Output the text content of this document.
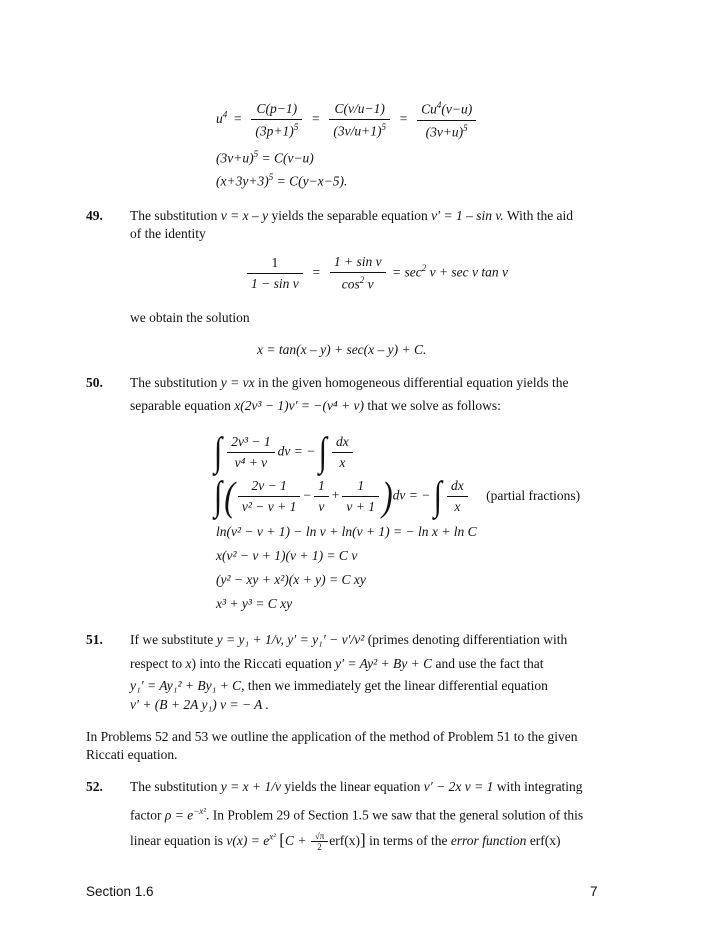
$u^4 = \frac{C(p-1)}{(3p+1)^5} = \frac{C(v/u-1)}{(3v/u+1)^5} = \frac{Cu^4(v-u)}{(3v+u)^5}$
$(3v+u)^5 = C(v-u)$
$(x+3y+3)^5 = C(y-x-5)$.
49. The substitution v = x – y yields the separable equation v′ = 1 – sin v. With the aid
of the identity
$\frac{1}{\text{1 − sin v}} = \frac{\text{1 + sin v}}{\cos^2 v} = \sec^2 v + \sec v$ tan v
we obtain the solution
x = tan(x – y) + sec(x – y) + C.
50. The substitution y = vx in the given homogeneous differential equation yields the
separable equation x(2v³ − 1)v′ = −(v⁴ + v) that we solve as follows:
∫ $\frac{\text{2v³ − 1}}{\text{v⁴ + v}}$ dv = − ∫ $\frac{dx}{x}$
∫( $\frac{2v - 1}{\text{v² − v + 1}} - \frac{1}{v} + \frac{1}{v + 1} )dv$ = − ∫ $\frac{dx}{x}$ (partial fractions)
ln(v² − v + 1) − ln v + ln(v + 1) = − ln x + ln C
x(v² − v + 1)(v + 1) = C v
(y² − xy + x²)(x + y) = C xy
x³ + y³ = C xy
51. If we substitute y = y₁ + 1/v, y′ = y₁′ − v′/v² (primes denoting differentiation with
respect to x) into the Riccati equation y′ = Ay² + By + C and use the fact that
y₁′ = Ay₁² + By₁ + C, then we immediately get the linear differential equation
v′ + (B + 2A y₁) v = − A .
In Problems 52 and 53 we outline the application of the method of Problem 51 to the given
Riccati equation.
52. The substitution y = x + 1/v yields the linear equation v′ − 2x v = 1 with integrating
factor $\rho = e^{-x^2}$. In Problem 29 of Section 1.5 we saw that the general solution of this
linear equation is $v(x) = e^{x^2}$ $[C + \frac{√\pi}{2} erf(x)]$ in terms of the error function erf(x)
Section 1.6	7
